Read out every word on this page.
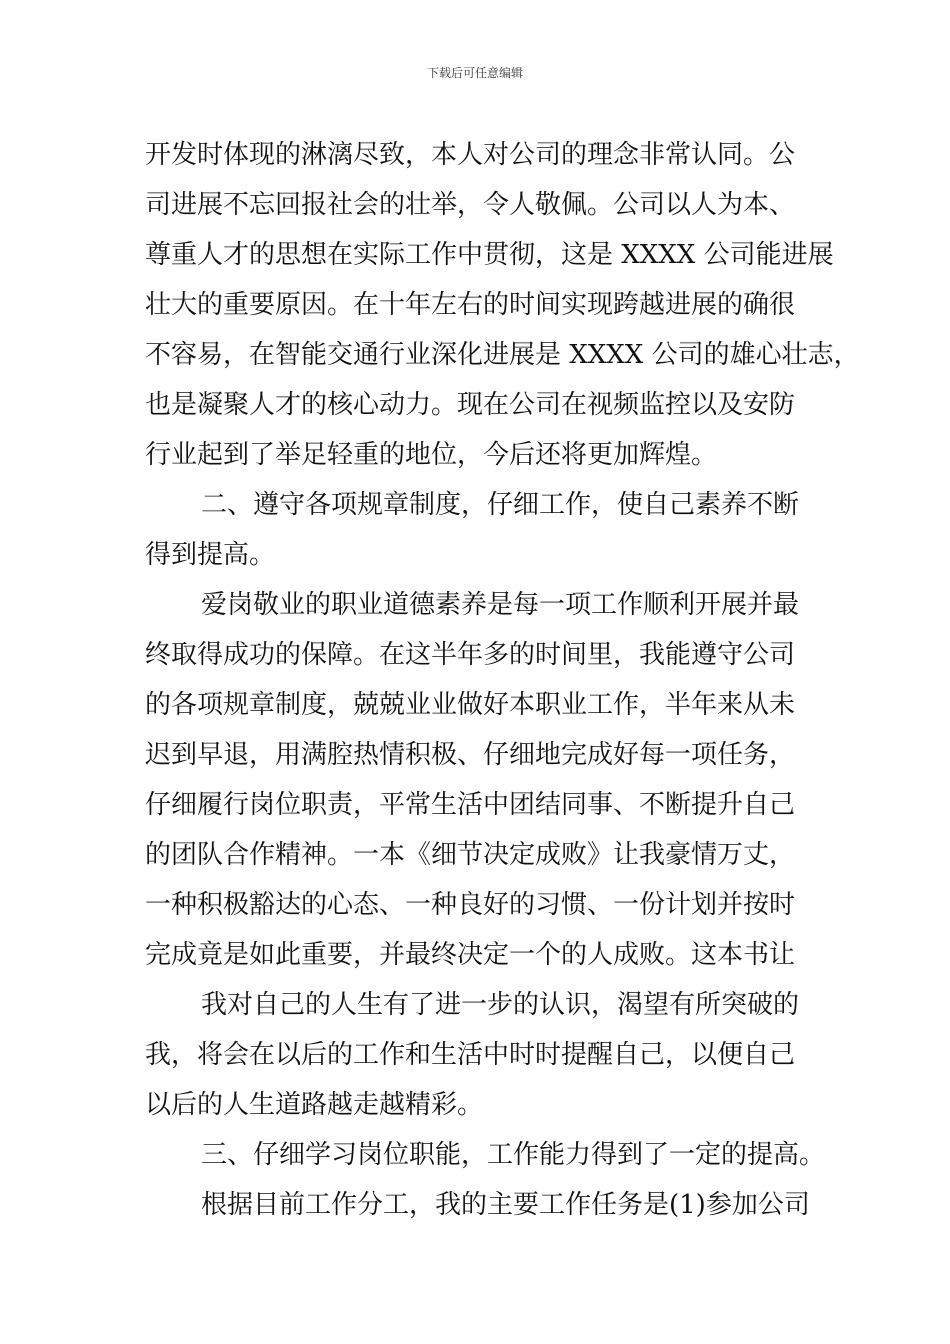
下载后可任意编辑
开发时体现的淋漓尽致，本人对公司的理念非常认同。公
司进展不忘回报社会的壮举，令人敬佩。公司以人为本、
尊重人才的思想在实际工作中贯彻，这是 XXXX 公司能进展
壮大的重要原因。在十年左右的时间实现跨越进展的确很
不容易，在智能交通行业深化进展是 XXXX 公司的雄心壮志，
也是凝聚人才的核心动力。现在公司在视频监控以及安防
行业起到了举足轻重的地位，今后还将更加辉煌。
二、遵守各项规章制度，仔细工作，使自己素养不断
得到提高。
爱岗敬业的职业道德素养是每一项工作顺利开展并最
终取得成功的保障。在这半年多的时间里，我能遵守公司
的各项规章制度，兢兢业业做好本职业工作，半年来从未
迟到早退，用满腔热情积极、仔细地完成好每一项任务，
仔细履行岗位职责，平常生活中团结同事、不断提升自己
的团队合作精神。一本《细节决定成败》让我豪情万丈，
一种积极豁达的心态、一种良好的习惯、一份计划并按时
完成竟是如此重要，并最终决定一个的人成败。这本书让
我对自己的人生有了进一步的认识，渴望有所突破的
我，将会在以后的工作和生活中时时提醒自己，以便自己
以后的人生道路越走越精彩。
三、仔细学习岗位职能，工作能力得到了一定的提高。
根据目前工作分工，我的主要工作任务是(1)参加公司
